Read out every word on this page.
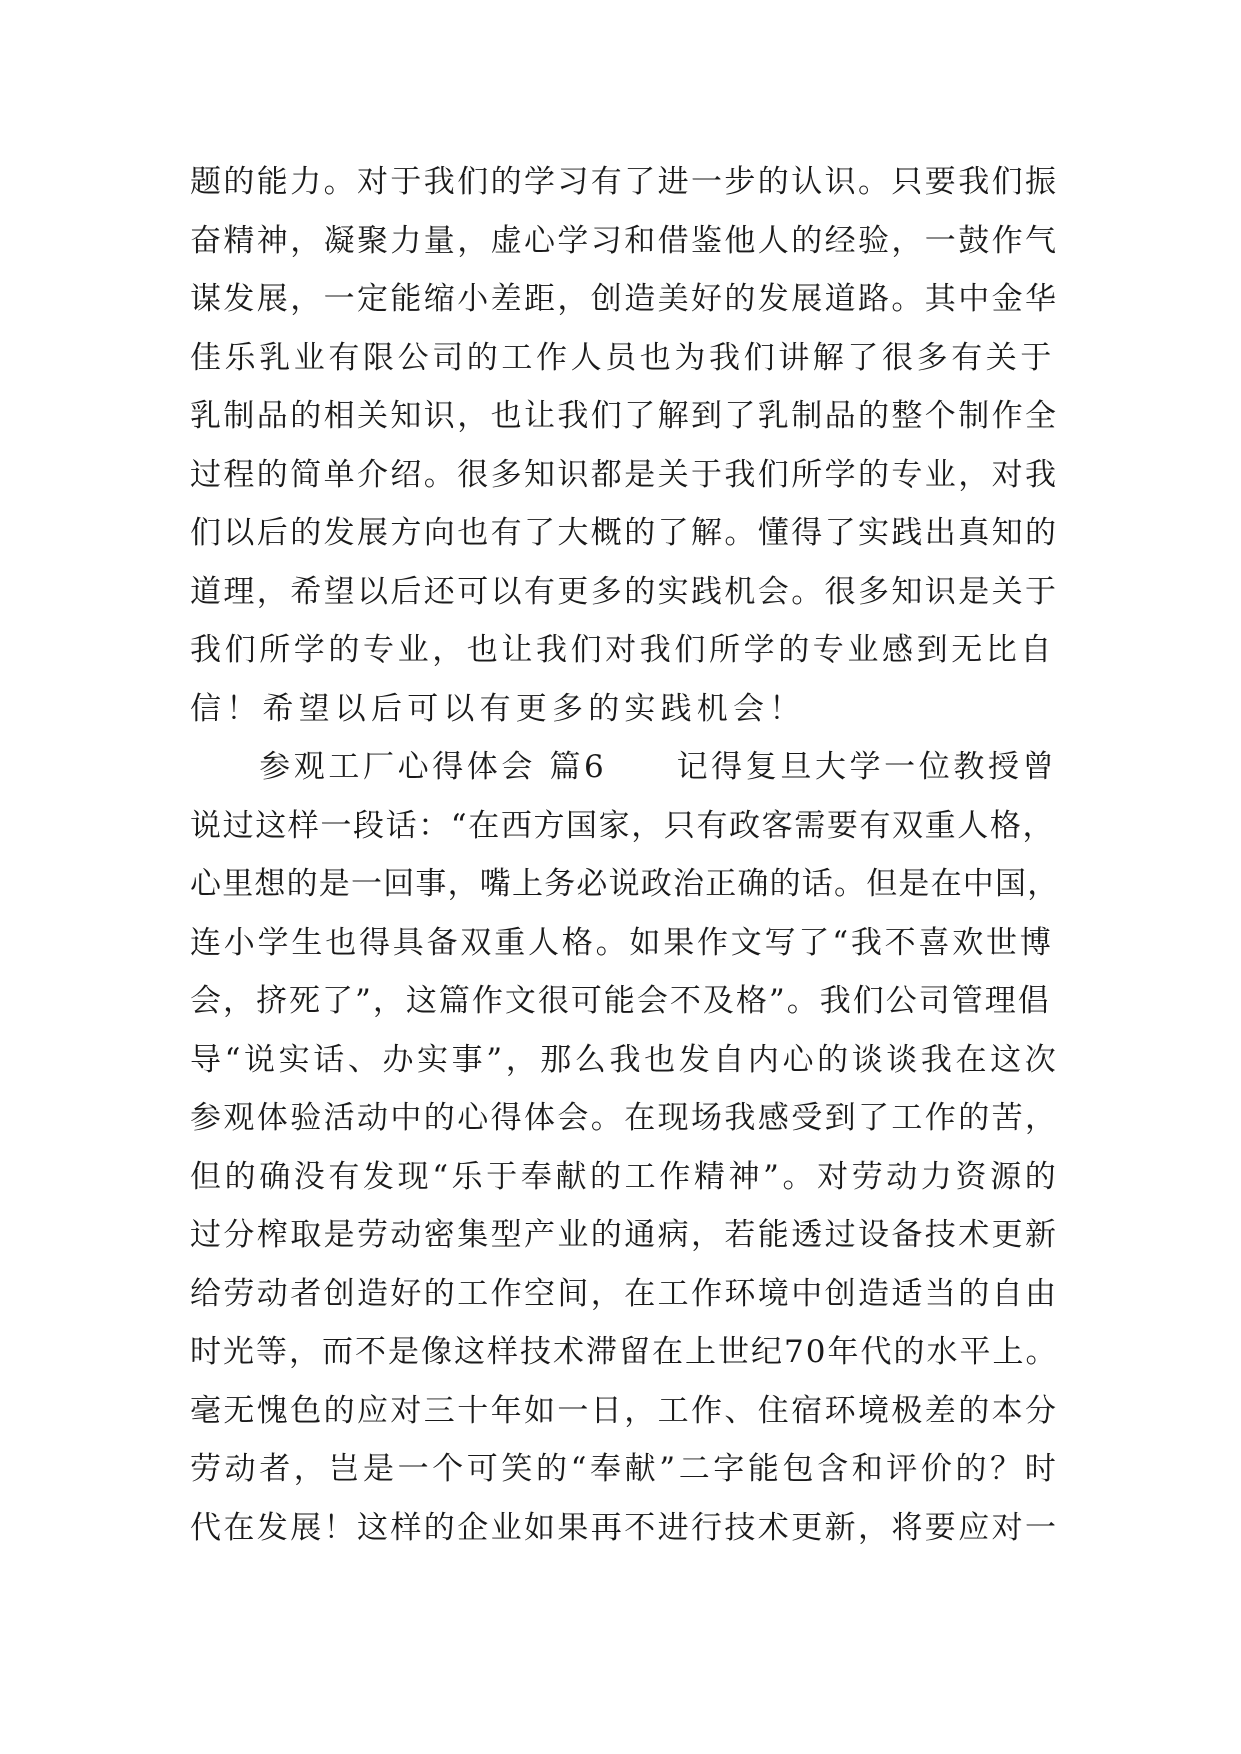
题的能力。对于我们的学习有了进一步的认识。只要我们振
奋精神，凝聚力量，虚心学习和借鉴他人的经验，一鼓作气
谋发展，一定能缩小差距，创造美好的发展道路。其中金华
佳乐乳业有限公司的工作人员也为我们讲解了很多有关于
乳制品的相关知识，也让我们了解到了乳制品的整个制作全
过程的简单介绍。很多知识都是关于我们所学的专业，对我
们以后的发展方向也有了大概的了解。懂得了实践出真知的
道理，希望以后还可以有更多的实践机会。很多知识是关于
我们所学的专业，也让我们对我们所学的专业感到无比自
信！希望以后可以有更多的实践机会！
　　参观工厂心得体会 篇6　　记得复旦大学一位教授曾
说过这样一段话：“在西方国家，只有政客需要有双重人格，
心里想的是一回事，嘴上务必说政治正确的话。但是在中国，
连小学生也得具备双重人格。如果作文写了“我不喜欢世博
会，挤死了”，这篇作文很可能会不及格”。我们公司管理倡
导“说实话、办实事”，那么我也发自内心的谈谈我在这次
参观体验活动中的心得体会。在现场我感受到了工作的苦，
但的确没有发现“乐于奉献的工作精神”。对劳动力资源的
过分榨取是劳动密集型产业的通病，若能透过设备技术更新
给劳动者创造好的工作空间，在工作环境中创造适当的自由
时光等，而不是像这样技术滞留在上世纪70年代的水平上。
毫无愧色的应对三十年如一日，工作、住宿环境极差的本分
劳动者，岂是一个可笑的“奉献”二字能包含和评价的？时
代在发展！这样的企业如果再不进行技术更新，将要应对一
